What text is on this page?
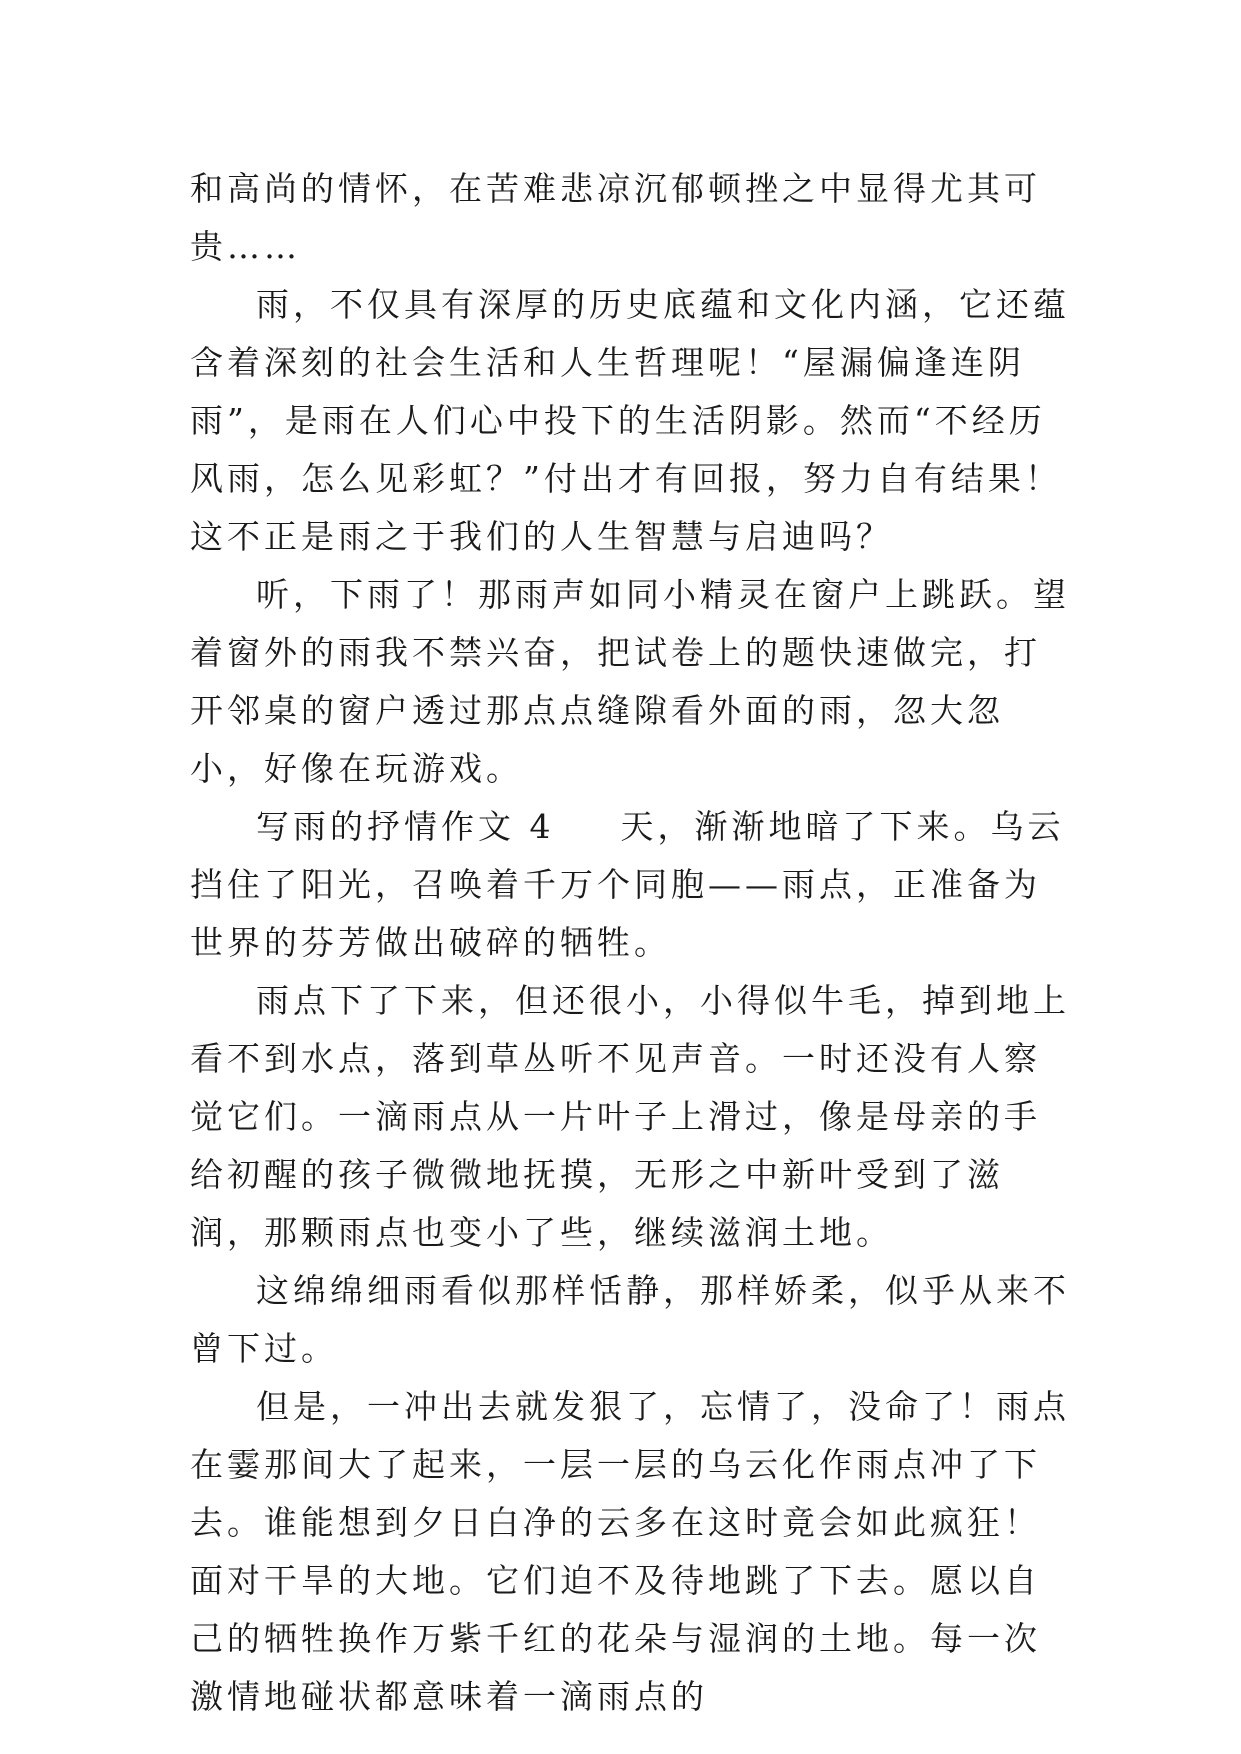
和高尚的情怀，在苦难悲凉沉郁顿挫之中显得尤其可贵……

雨，不仅具有深厚的历史底蕴和文化内涵，它还蕴含着深刻的社会生活和人生哲理呢！“屋漏偏逢连阴雨”，是雨在人们心中投下的生活阴影。然而“不经历风雨，怎么见彩虹？”付出才有回报，努力自有结果！这不正是雨之于我们的人生智慧与启迪吗？

听，下雨了！那雨声如同小精灵在窗户上跳跃。望着窗外的雨我不禁兴奋，把试卷上的题快速做完，打开邻桌的窗户透过那点点缝隙看外面的雨，忽大忽小，好像在玩游戏。

写雨的抒情作文 4 天，渐渐地暗了下来。乌云挡住了阳光，召唤着千万个同胞——雨点，正准备为世界的芬芳做出破碎的牺牲。

雨点下了下来，但还很小，小得似牛毛，掉到地上看不到水点，落到草丛听不见声音。一时还没有人察觉它们。一滴雨点从一片叶子上滑过，像是母亲的手给初醒的孩子微微地抚摸，无形之中新叶受到了滋润，那颗雨点也变小了些，继续滋润土地。

这绵绵细雨看似那样恬静，那样娇柔，似乎从来不曾下过。

但是，一冲出去就发狠了，忘情了，没命了！雨点在霎那间大了起来，一层一层的乌云化作雨点冲了下去。谁能想到夕日白净的云多在这时竟会如此疯狂！面对干旱的大地。它们迫不及待地跳了下去。愿以自己的牺牲换作万紫千红的花朵与湿润的土地。每一次激情地碰状都意味着一滴雨点的
